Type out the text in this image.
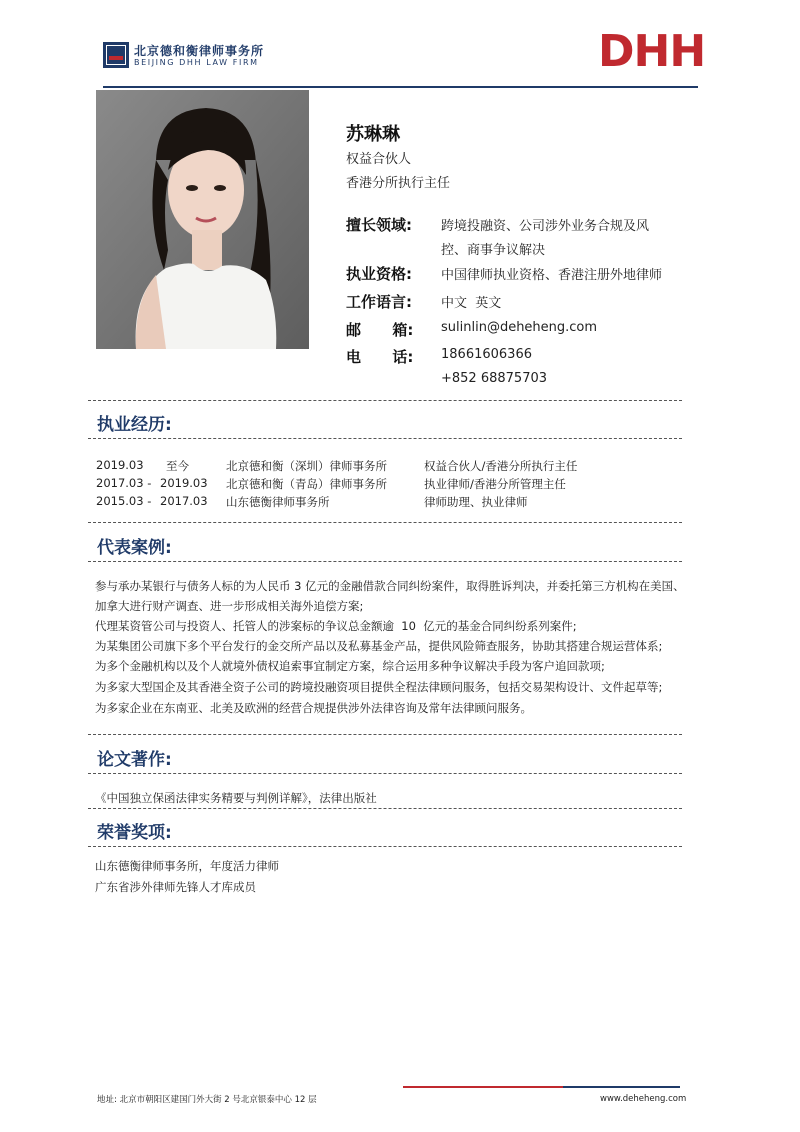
北京德和衡律师事务所
BEIJING DHH LAW FIRM	DHH
苏琳琳
权益合伙人
香港分所执行主任
擅长领域: 跨境投融资、公司涉外业务合规及风
控、商事争议解决
执业资格: 中国律师执业资格、香港注册外地律师
工作语言: 中文  英文
邮      箱: sulinlin@deheheng.com
电      话: 18661606366
+852 68875703
执业经历:
2019.03 至今	北京德和衡（深圳）律师事务所	权益合伙人/香港分所执行主任
2017.03 - 2019.03 北京德和衡（青岛）律师事务所	执业律师/香港分所管理主任
2015.03 - 2017.03 山东德衡律师事务所	律师助理、执业律师
代表案例:
参与承办某银行与债务人标的为人民币 3 亿元的金融借款合同纠纷案件，取得胜诉判决，并委托第三方机构在美国、
加拿大进行财产调查、进一步形成相关海外追偿方案;
代理某资管公司与投资人、托管人的涉案标的争议总金额逾  10  亿元的基金合同纠纷系列案件;
为某集团公司旗下多个平台发行的金交所产品以及私募基金产品，提供风险筛查服务，协助其搭建合规运营体系;
为多个金融机构以及个人就境外债权追索事宜制定方案，综合运用多种争议解决手段为客户追回款项;
为多家大型国企及其香港全资子公司的跨境投融资项目提供全程法律顾问服务，包括交易架构设计、文件起草等;
为多家企业在东南亚、北美及欧洲的经营合规提供涉外法律咨询及常年法律顾问服务。
论文著作:
《中国独立保函法律实务精要与判例详解》，法律出版社
荣誉奖项:
山东德衡律师事务所，年度活力律师
广东省涉外律师先锋人才库成员
地址: 北京市朝阳区建国门外大街 2 号北京银泰中心 12 层	www.deheheng.com
